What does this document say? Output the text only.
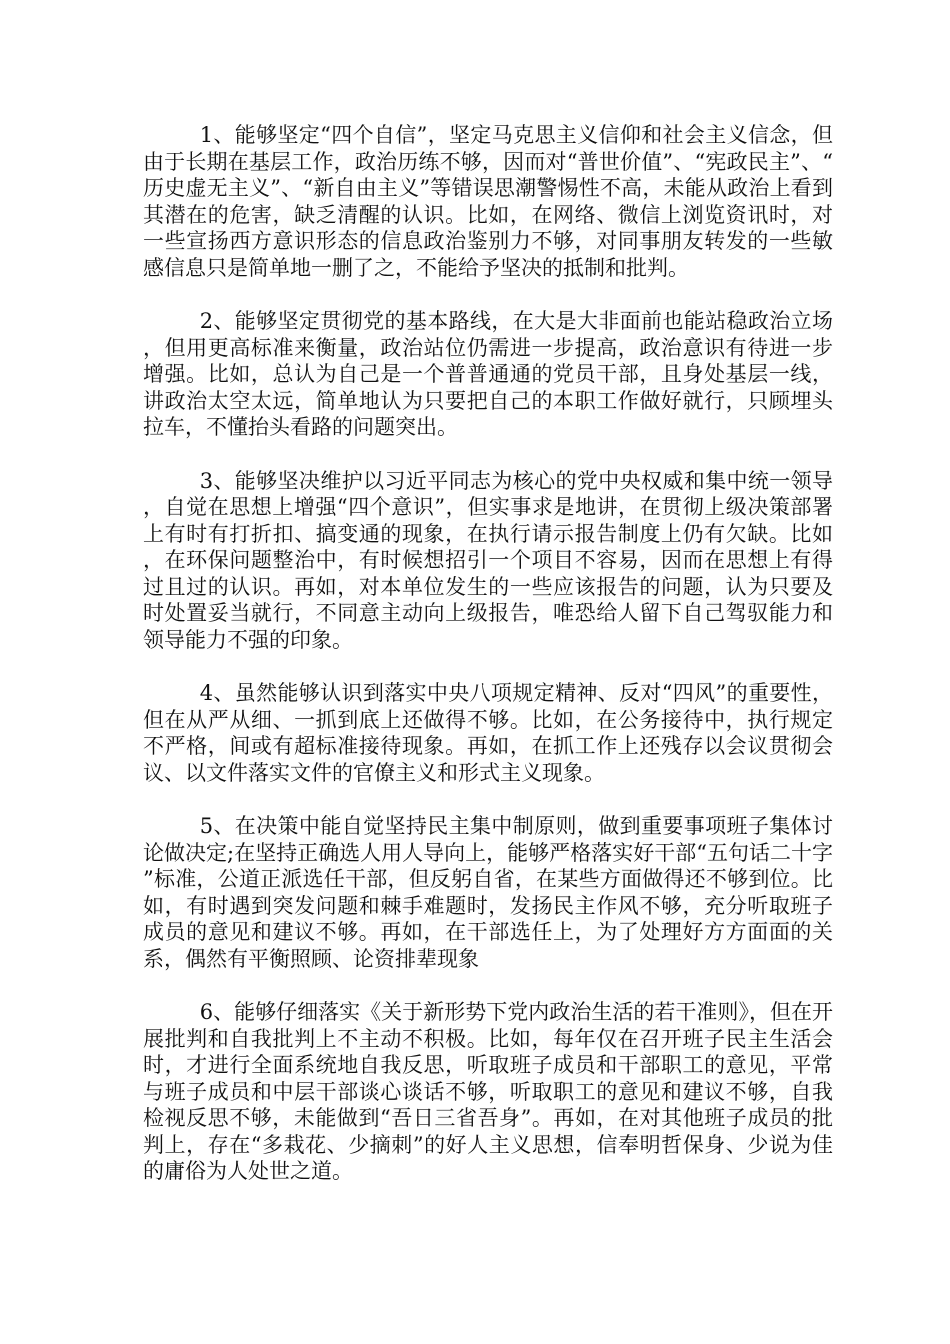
1、能够坚定“四个自信”，坚定马克思主义信仰和社会主义信念，但由于长期在基层工作，政治历练不够，因而对“普世价值”、“宪政民主”、“历史虚无主义”、“新自由主义”等错误思潮警惕性不高，未能从政治上看到其潜在的危害，缺乏清醒的认识。比如，在网络、微信上浏览资讯时，对一些宣扬西方意识形态的信息政治鉴别力不够，对同事朋友转发的一些敏感信息只是简单地一删了之，不能给予坚决的抵制和批判。

2、能够坚定贯彻党的基本路线，在大是大非面前也能站稳政治立场，但用更高标准来衡量，政治站位仍需进一步提高，政治意识有待进一步增强。比如，总认为自己是一个普普通通的党员干部，且身处基层一线，讲政治太空太远，简单地认为只要把自己的本职工作做好就行，只顾埋头拉车，不懂抬头看路的问题突出。

3、能够坚决维护以习近平同志为核心的党中央权威和集中统一领导，自觉在思想上增强“四个意识”，但实事求是地讲，在贯彻上级决策部署上有时有打折扣、搞变通的现象，在执行请示报告制度上仍有欠缺。比如，在环保问题整治中，有时候想招引一个项目不容易，因而在思想上有得过且过的认识。再如，对本单位发生的一些应该报告的问题，认为只要及时处置妥当就行，不同意主动向上级报告，唯恐给人留下自己驾驭能力和领导能力不强的印象。

4、虽然能够认识到落实中央八项规定精神、反对“四风”的重要性，但在从严从细、一抓到底上还做得不够。比如，在公务接待中，执行规定不严格，间或有超标准接待现象。再如，在抓工作上还残存以会议贯彻会议、以文件落实文件的官僚主义和形式主义现象。

5、在决策中能自觉坚持民主集中制原则，做到重要事项班子集体讨论做决定;在坚持正确选人用人导向上，能够严格落实好干部“五句话二十字”标准，公道正派选任干部，但反躬自省，在某些方面做得还不够到位。比如，有时遇到突发问题和棘手难题时，发扬民主作风不够，充分听取班子成员的意见和建议不够。再如，在干部选任上，为了处理好方方面面的关系，偶然有平衡照顾、论资排辈现象

6、能够仔细落实《关于新形势下党内政治生活的若干准则》，但在开展批判和自我批判上不主动不积极。比如，每年仅在召开班子民主生活会时，才进行全面系统地自我反思，听取班子成员和干部职工的意见，平常与班子成员和中层干部谈心谈话不够，听取职工的意见和建议不够，自我检视反思不够，未能做到“吾日三省吾身”。再如，在对其他班子成员的批判上，存在“多栽花、少摘刺”的好人主义思想，信奉明哲保身、少说为佳的庸俗为人处世之道。
